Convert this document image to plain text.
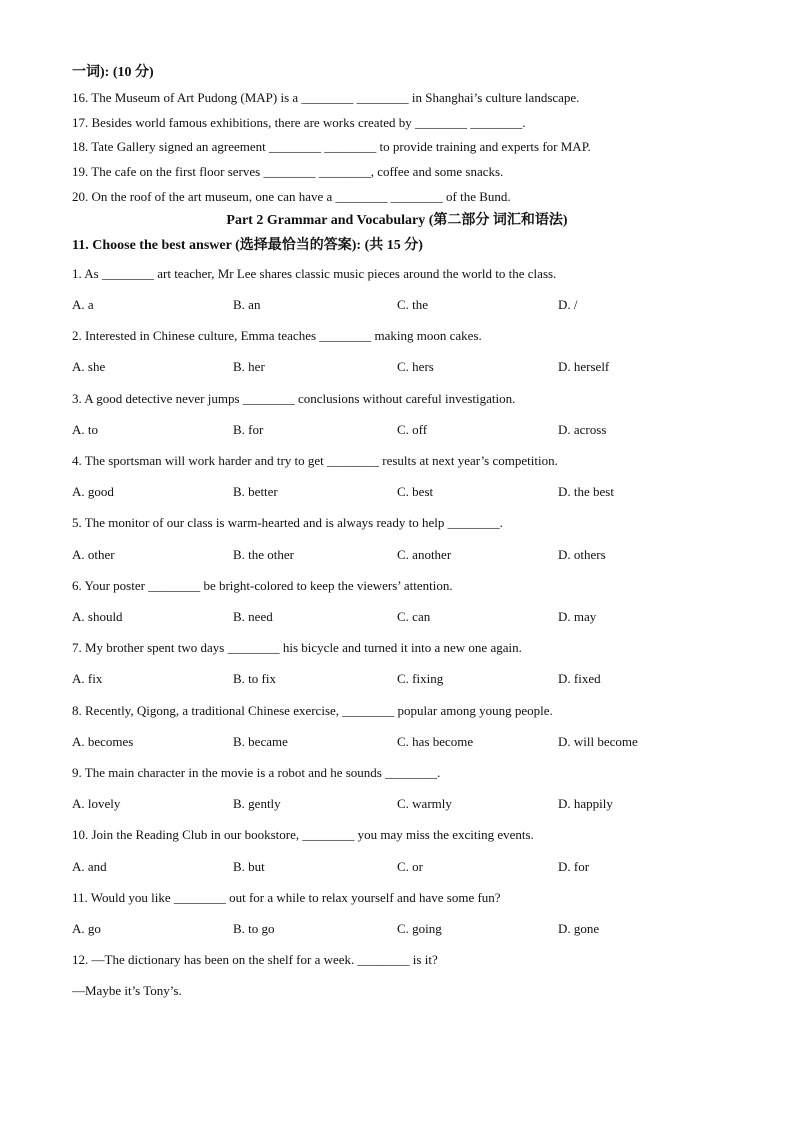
一词): (10 分)
16. The Museum of Art Pudong (MAP) is a ________ ________ in Shanghai’s culture landscape.
17. Besides world famous exhibitions, there are works created by ________ ________.
18. Tate Gallery signed an agreement ________ ________ to provide training and experts for MAP.
19. The cafe on the first floor serves ________ ________, coffee and some snacks.
20. On the roof of the art museum, one can have a ________ ________ of the Bund.
Part 2 Grammar and Vocabulary (第二部分 词汇和语法)
11. Choose the best answer (选择最恰当的答案): (共 15 分)
1. As ________ art teacher, Mr Lee shares classic music pieces around the world to the class.
A. a	B. an	C. the	D. /
2. Interested in Chinese culture, Emma teaches ________ making moon cakes.
A. she	B. her	C. hers	D. herself
3. A good detective never jumps ________ conclusions without careful investigation.
A. to	B. for	C. off	D. across
4. The sportsman will work harder and try to get ________ results at next year’s competition.
A. good	B. better	C. best	D. the best
5. The monitor of our class is warm-hearted and is always ready to help ________.
A. other	B. the other	C. another	D. others
6. Your poster ________ be bright-colored to keep the viewers’ attention.
A. should	B. need	C. can	D. may
7. My brother spent two days ________ his bicycle and turned it into a new one again.
A. fix	B. to fix	C. fixing	D. fixed
8. Recently, Qigong, a traditional Chinese exercise, ________ popular among young people.
A. becomes	B. became	C. has become	D. will become
9. The main character in the movie is a robot and he sounds ________.
A. lovely	B. gently	C. warmly	D. happily
10. Join the Reading Club in our bookstore, ________ you may miss the exciting events.
A. and	B. but	C. or	D. for
11. Would you like ________ out for a while to relax yourself and have some fun?
A. go	B. to go	C. going	D. gone
12. —The dictionary has been on the shelf for a week. ________ is it?
—Maybe it’s Tony’s.
